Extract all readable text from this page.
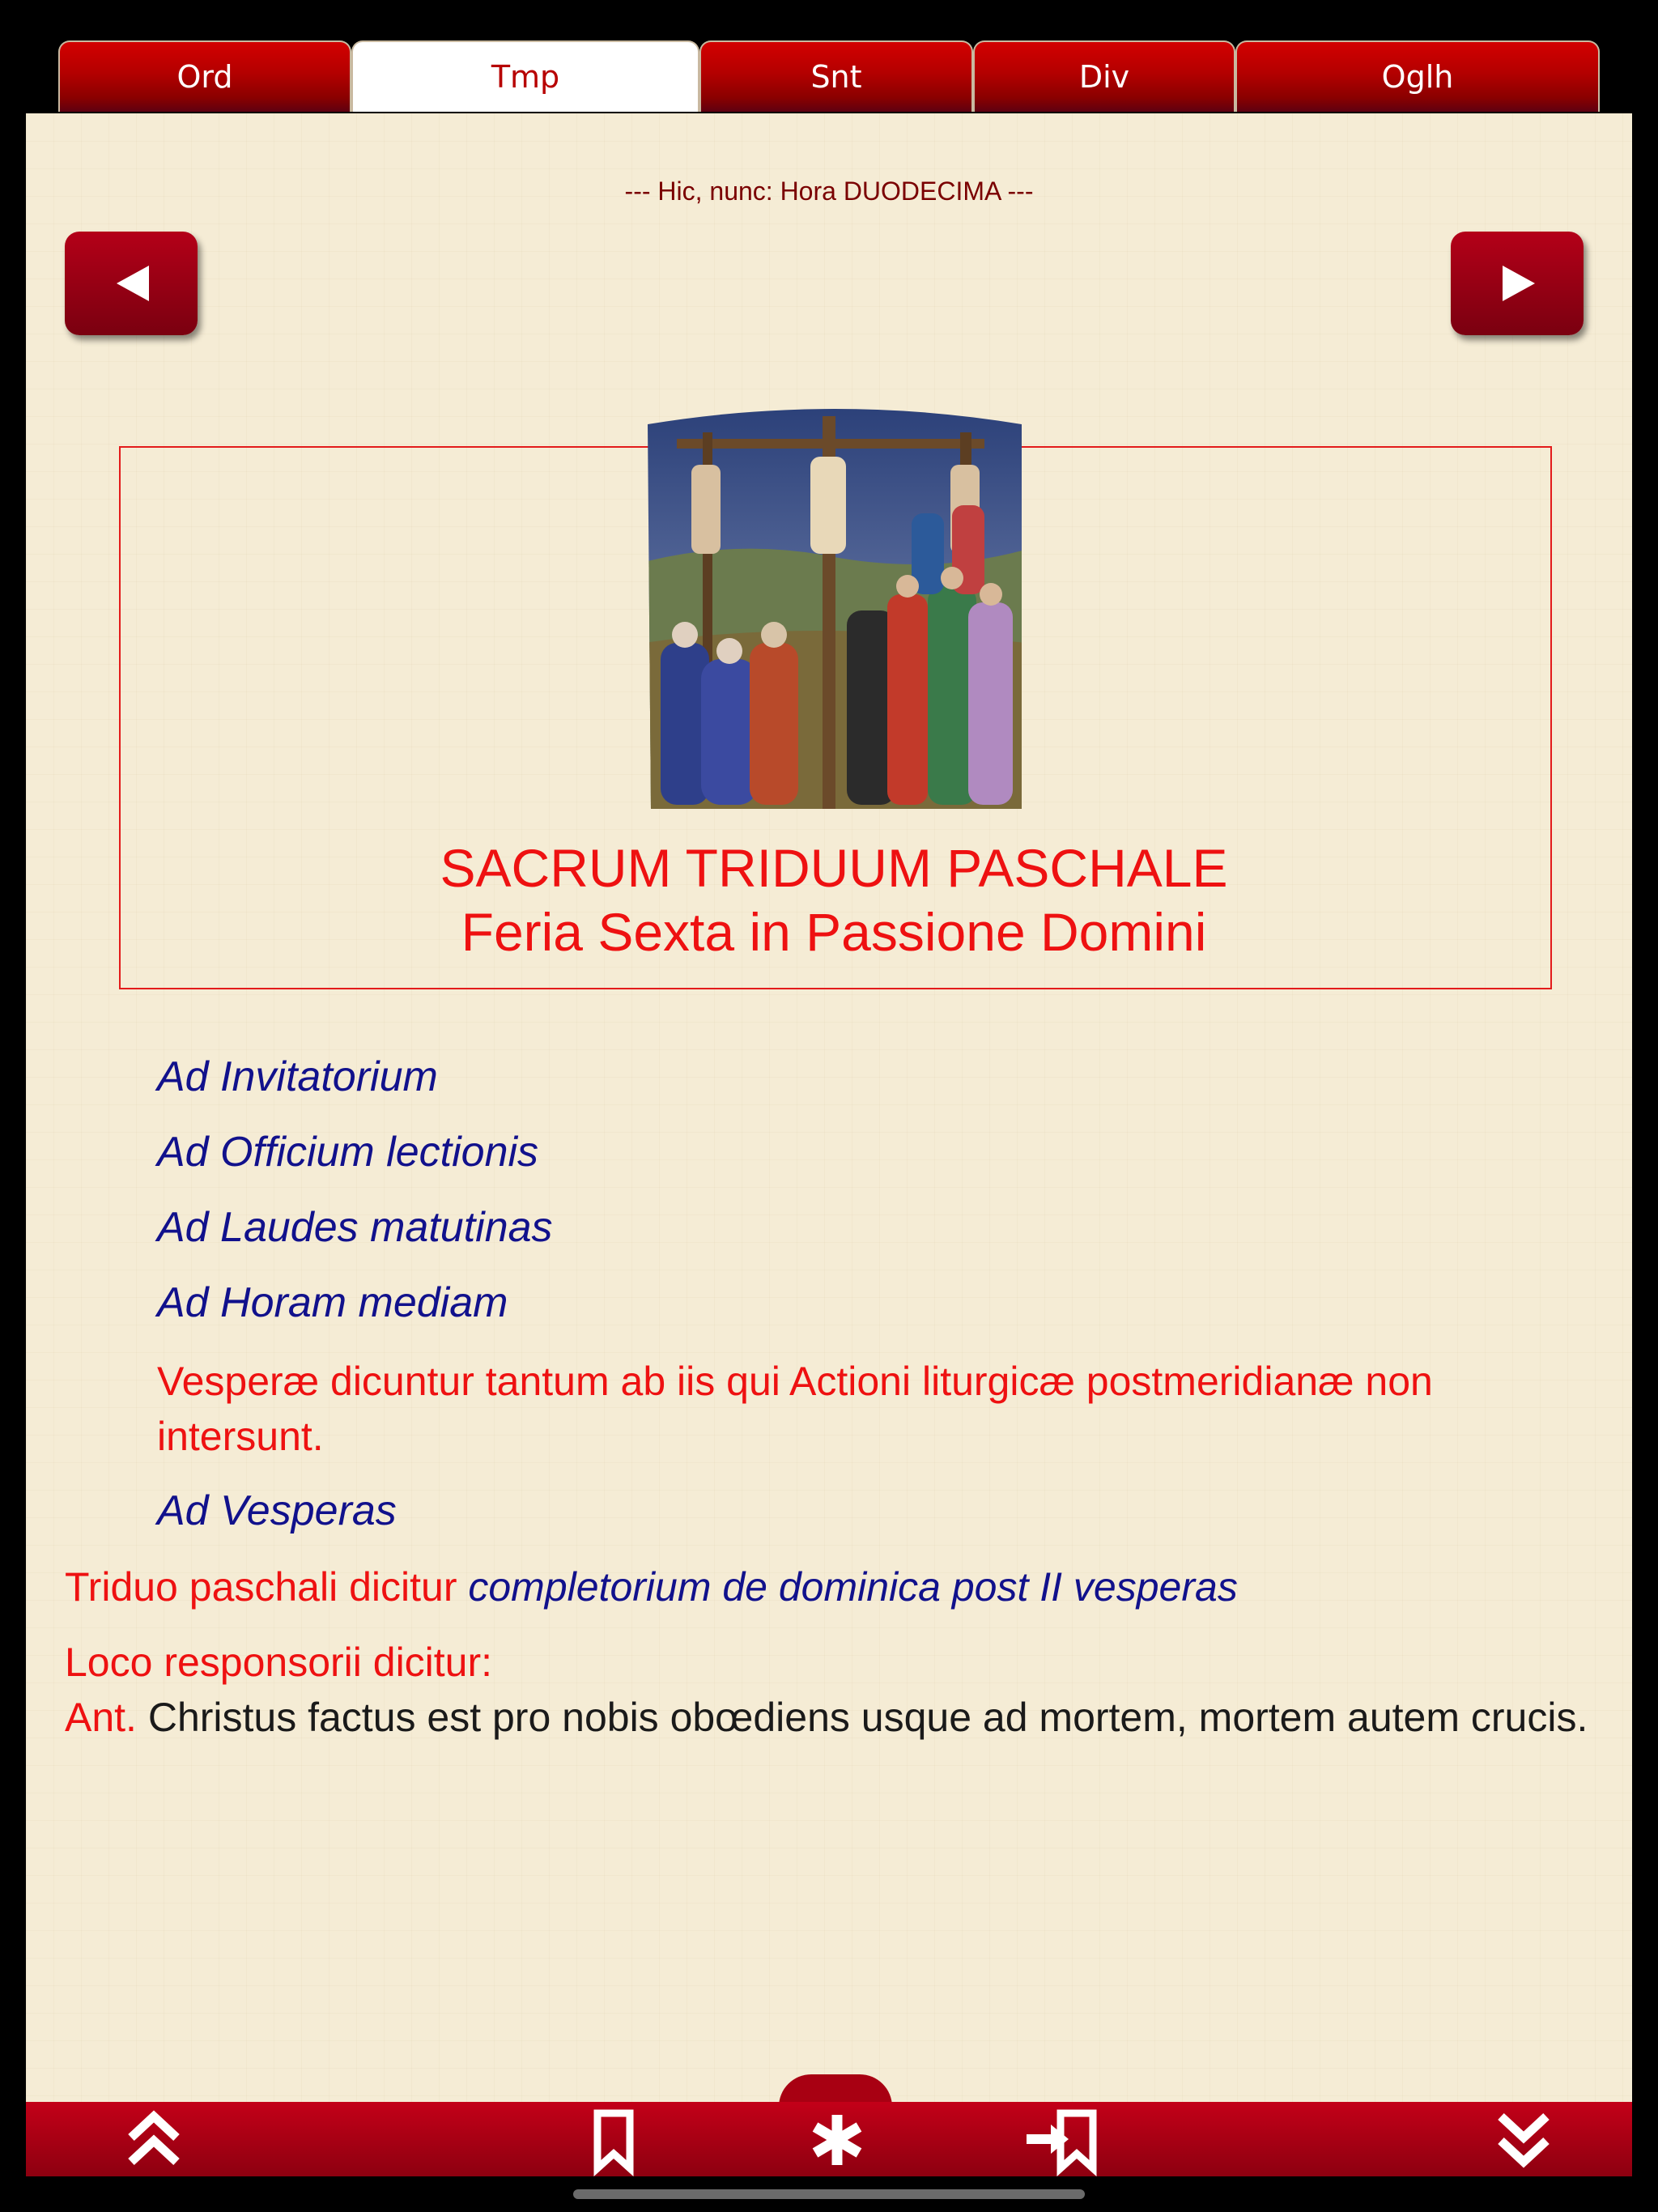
Ord	Tmp	Snt	Div	Oglh
--- Hic, nunc: Hora DUODECIMA ---
SACRUM TRIDUUM PASCHALE
Feria Sexta in Passione Domini
Ad Invitatorium
Ad Officium lectionis
Ad Laudes matutinas
Ad Horam mediam
Vesperæ dicuntur tantum ab iis qui Actioni liturgicæ postmeridianæ non intersunt.
Ad Vesperas
Triduo paschali dicitur completorium de dominica post II vesperas
Loco responsorii dicitur:
Ant. Christus factus est pro nobis obœdiens usque ad mortem, mortem autem crucis.
